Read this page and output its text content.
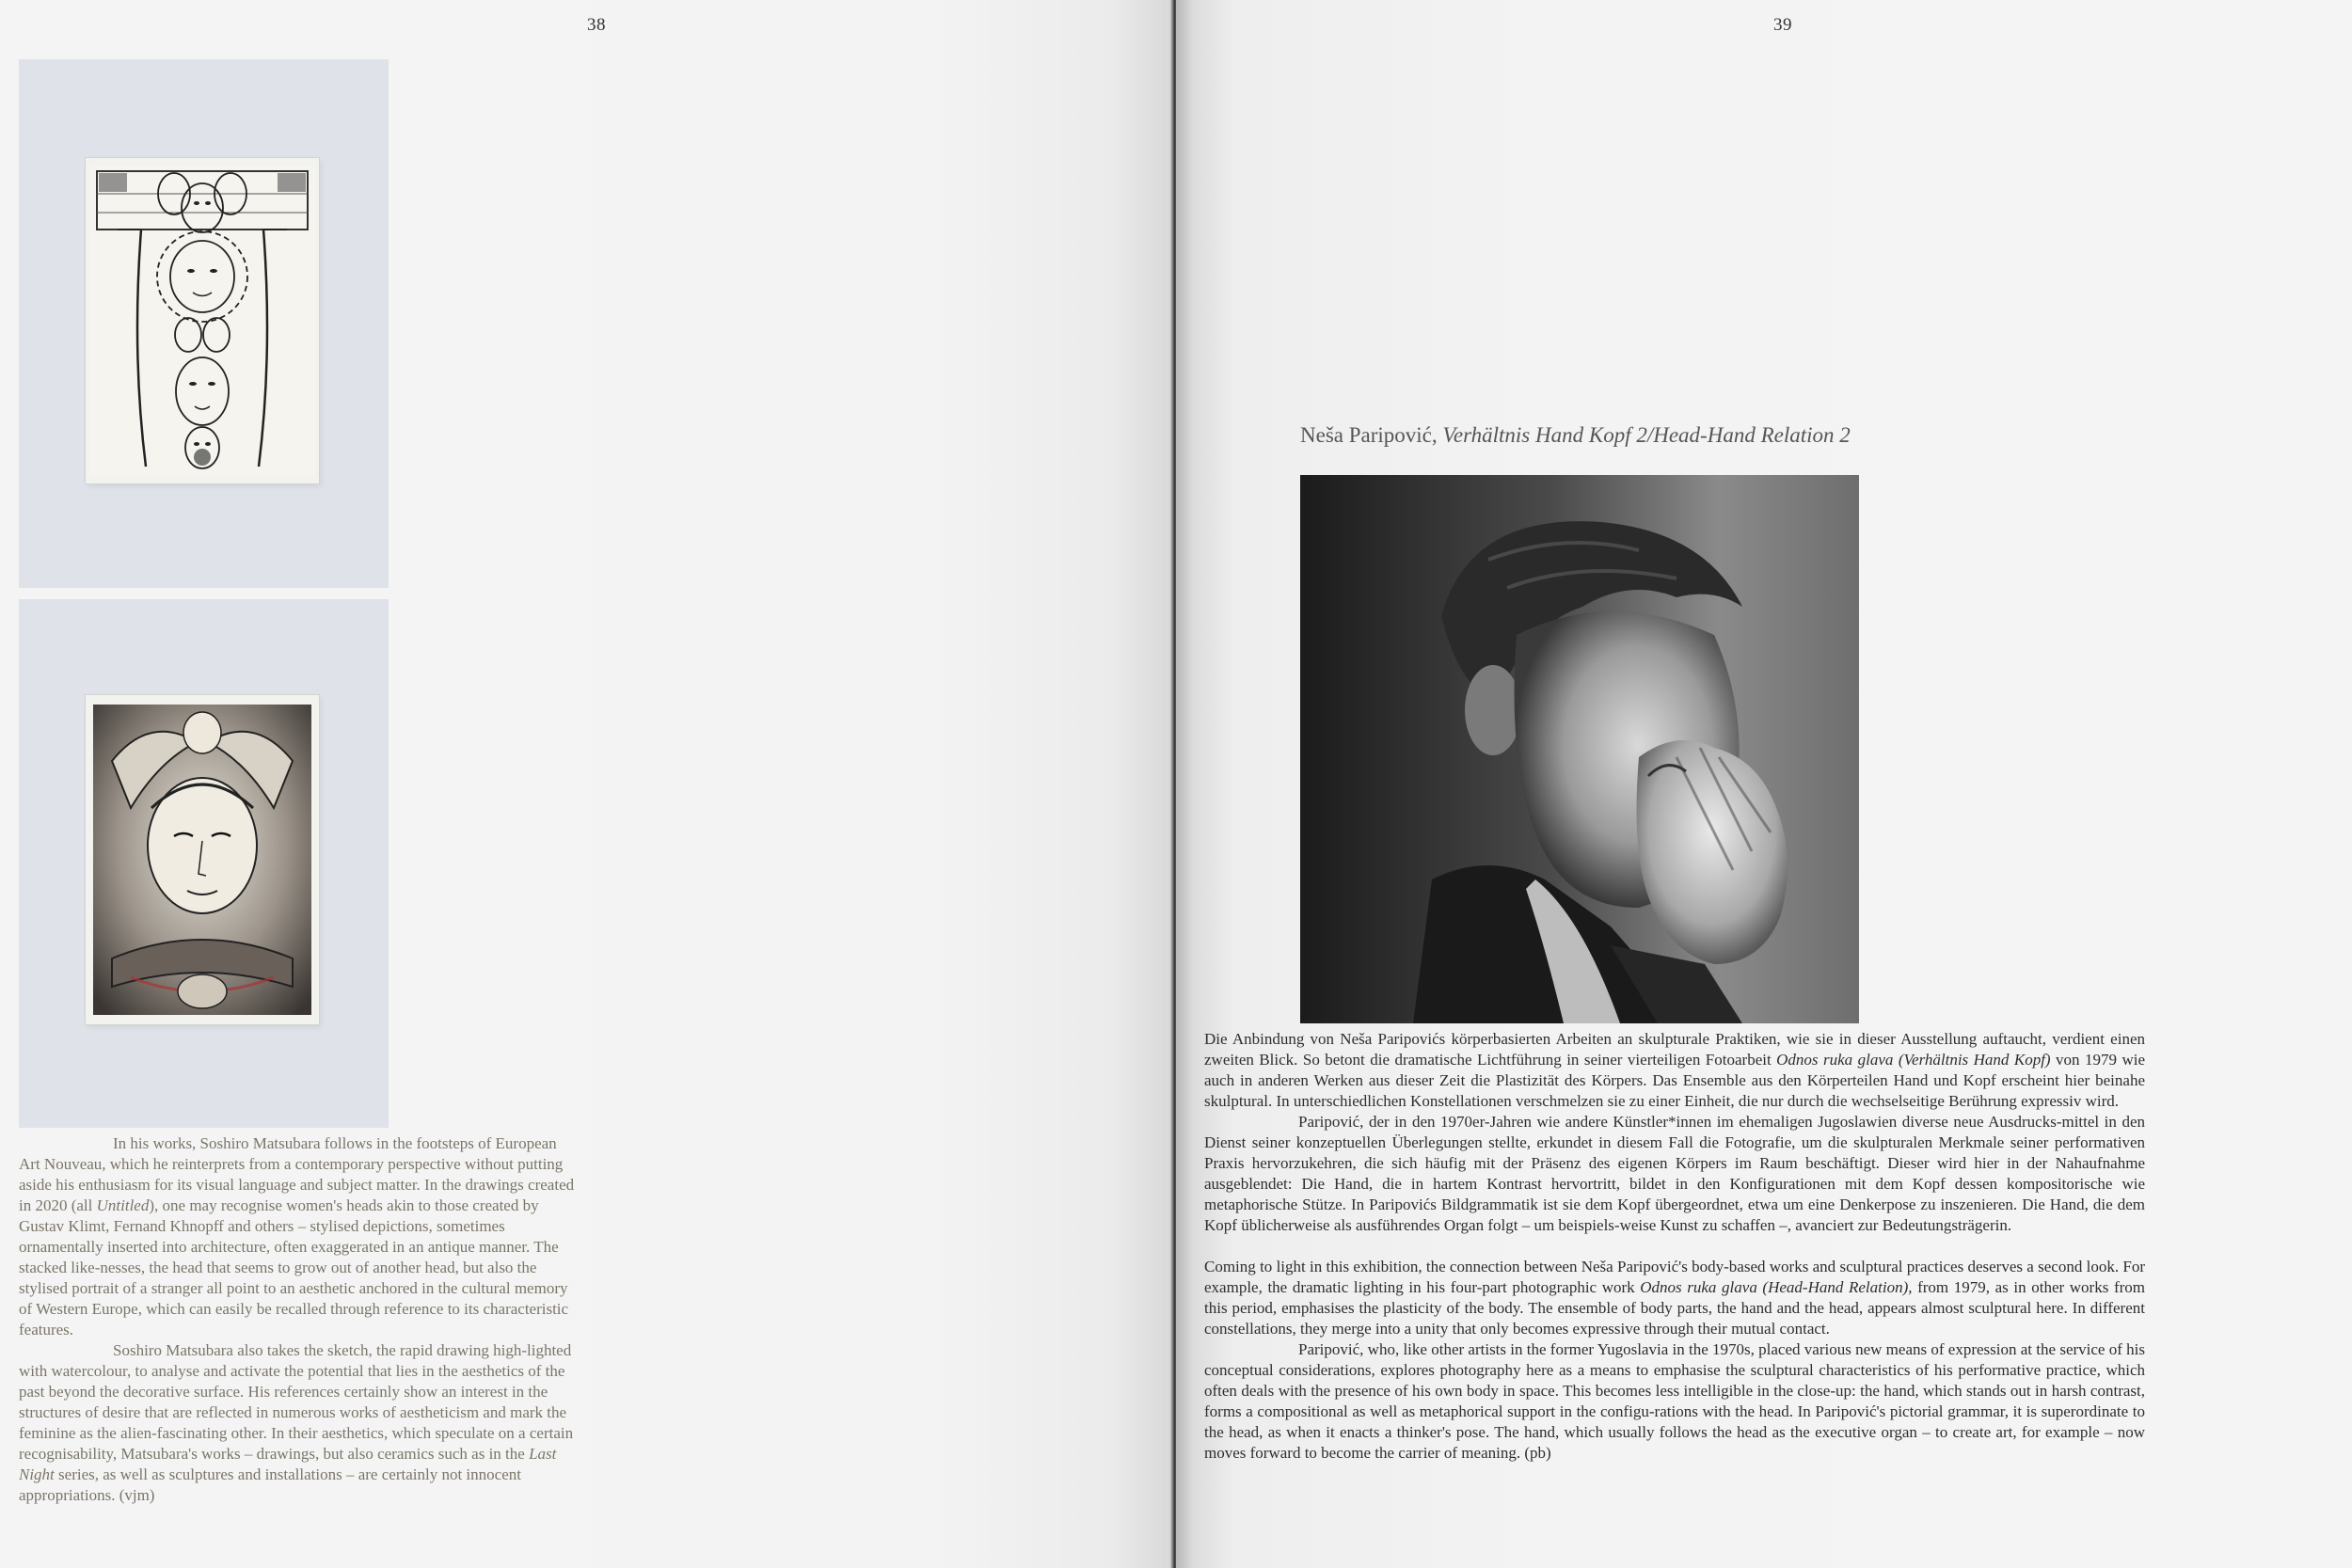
38

In his works, Soshiro Matsubara follows in the footsteps of European Art Nouveau, which he reinterprets from a contemporary perspective without putting aside his enthusiasm for its visual language and subject matter. In the drawings created in 2020 (all Untitled), one may recognise women's heads akin to those created by Gustav Klimt, Fernand Khnopff and others – stylised depictions, sometimes ornamentally inserted into architecture, often exaggerated in an antique manner. The stacked like-nesses, the head that seems to grow out of another head, but also the stylised portrait of a stranger all point to an aesthetic anchored in the cultural memory of Western Europe, which can easily be recalled through reference to its characteristic features.

Soshiro Matsubara also takes the sketch, the rapid drawing high-lighted with watercolour, to analyse and activate the potential that lies in the aesthetics of the past beyond the decorative surface. His references certainly show an interest in the structures of desire that are reflected in numerous works of aestheticism and mark the feminine as the alien-fascinating other. In their aesthetics, which speculate on a certain recognisability, Matsubara's works – drawings, but also ceramics such as in the Last Night series, as well as sculptures and installations – are certainly not innocent appropriations. (vjm)

39
Neša Paripović, Verhältnis Hand Kopf 2/Head-Hand Relation 2

Die Anbindung von Neša Paripovićs körperbasierten Arbeiten an skulpturale Praktiken, wie sie in dieser Ausstellung auftaucht, verdient einen zweiten Blick. So betont die dramatische Lichtführung in seiner vierteiligen Fotoarbeit Odnos ruka glava (Verhältnis Hand Kopf) von 1979 wie auch in anderen Werken aus dieser Zeit die Plastizität des Körpers. Das Ensemble aus den Körperteilen Hand und Kopf erscheint hier beinahe skulptural. In unterschiedlichen Konstellationen verschmelzen sie zu einer Einheit, die nur durch die wechselseitige Berührung expressiv wird.

Paripović, der in den 1970er-Jahren wie andere Künstler*innen im ehemaligen Jugoslawien diverse neue Ausdrucks-mittel in den Dienst seiner konzeptuellen Überlegungen stellte, erkundet in diesem Fall die Fotografie, um die skulpturalen Merkmale seiner performativen Praxis hervorzukehren, die sich häufig mit der Präsenz des eigenen Körpers im Raum beschäftigt. Dieser wird hier in der Nahaufnahme ausgeblendet: Die Hand, die in hartem Kontrast hervortritt, bildet in den Konfigurationen mit dem Kopf dessen kompositorische wie metaphorische Stütze. In Paripovićs Bildgrammatik ist sie dem Kopf übergeordnet, etwa um eine Denkerpose zu inszenieren. Die Hand, die dem Kopf üblicherweise als ausführendes Organ folgt – um beispiels-weise Kunst zu schaffen –, avanciert zur Bedeutungsträgerin.

Coming to light in this exhibition, the connection between Neša Paripović's body-based works and sculptural practices deserves a second look. For example, the dramatic lighting in his four-part photographic work Odnos ruka glava (Head-Hand Relation), from 1979, as in other works from this period, emphasises the plasticity of the body. The ensemble of body parts, the hand and the head, appears almost sculptural here. In different constellations, they merge into a unity that only becomes expressive through their mutual contact.

Paripović, who, like other artists in the former Yugoslavia in the 1970s, placed various new means of expression at the service of his conceptual considerations, explores photography here as a means to emphasise the sculptural characteristics of his performative practice, which often deals with the presence of his own body in space. This becomes less intelligible in the close-up: the hand, which stands out in harsh contrast, forms a compositional as well as metaphorical support in the configu-rations with the head. In Paripović's pictorial grammar, it is superordinate to the head, as when it enacts a thinker's pose. The hand, which usually follows the head as the executive organ – to create art, for example – now moves forward to become the carrier of meaning. (pb)
